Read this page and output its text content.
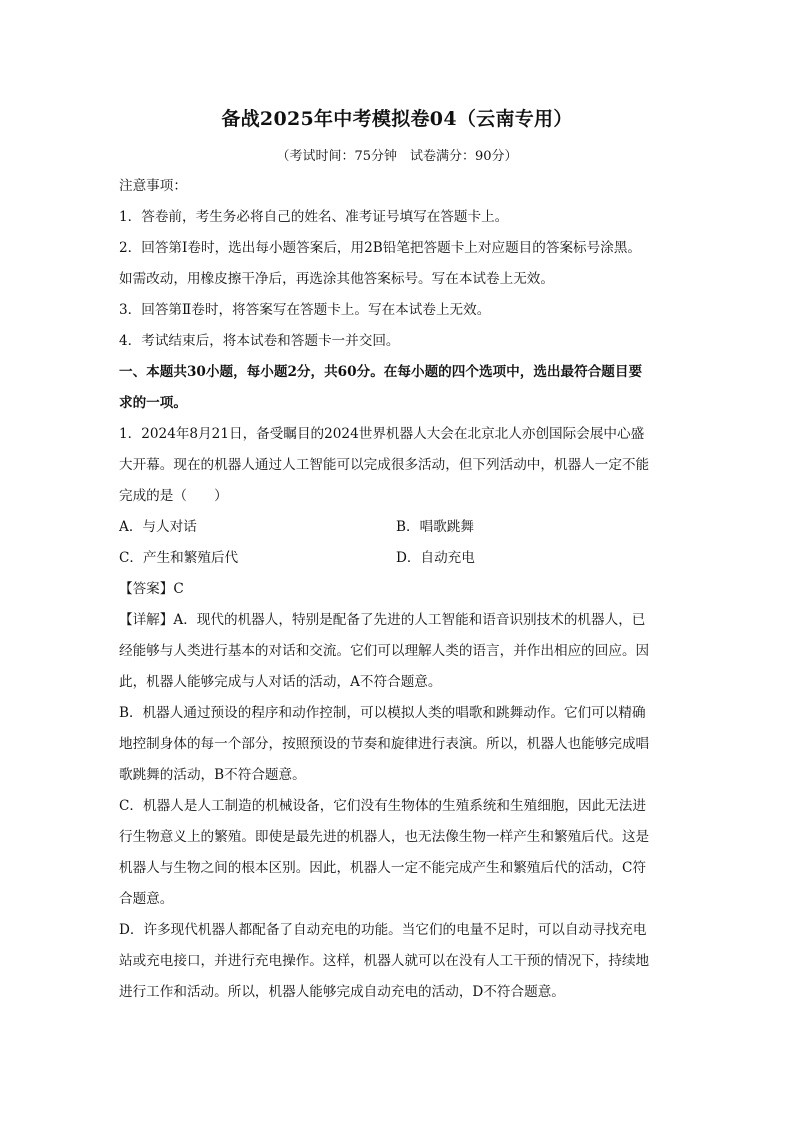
备战2025年中考模拟卷04（云南专用）
（考试时间：75分钟　试卷满分：90分）
注意事项：
1．答卷前，考生务必将自己的姓名、准考证号填写在答题卡上。
2．回答第Ⅰ卷时，选出每小题答案后，用2B铅笔把答题卡上对应题目的答案标号涂黑。
如需改动，用橡皮擦干净后，再选涂其他答案标号。写在本试卷上无效。
3．回答第Ⅱ卷时，将答案写在答题卡上。写在本试卷上无效。
4．考试结束后，将本试卷和答题卡一并交回。
一、本题共30小题，每小题2分，共60分。在每小题的四个选项中，选出最符合题目要
求的一项。
1．2024年8月21日，备受瞩目的2024世界机器人大会在北京北人亦创国际会展中心盛
大开幕。现在的机器人通过人工智能可以完成很多活动，但下列活动中，机器人一定不能
完成的是（　　）
A．与人对话	B．唱歌跳舞
C．产生和繁殖后代	D．自动充电
【答案】C
【详解】A．现代的机器人，特别是配备了先进的人工智能和语音识别技术的机器人，已
经能够与人类进行基本的对话和交流。它们可以理解人类的语言，并作出相应的回应。因
此，机器人能够完成与人对话的活动，A不符合题意。
B．机器人通过预设的程序和动作控制，可以模拟人类的唱歌和跳舞动作。它们可以精确
地控制身体的每一个部分，按照预设的节奏和旋律进行表演。所以，机器人也能够完成唱
歌跳舞的活动，B不符合题意。
C．机器人是人工制造的机械设备，它们没有生物体的生殖系统和生殖细胞，因此无法进
行生物意义上的繁殖。即使是最先进的机器人，也无法像生物一样产生和繁殖后代。这是
机器人与生物之间的根本区别。因此，机器人一定不能完成产生和繁殖后代的活动，C符
合题意。
D．许多现代机器人都配备了自动充电的功能。当它们的电量不足时，可以自动寻找充电
站或充电接口，并进行充电操作。这样，机器人就可以在没有人工干预的情况下，持续地
进行工作和活动。所以，机器人能够完成自动充电的活动，D不符合题意。
